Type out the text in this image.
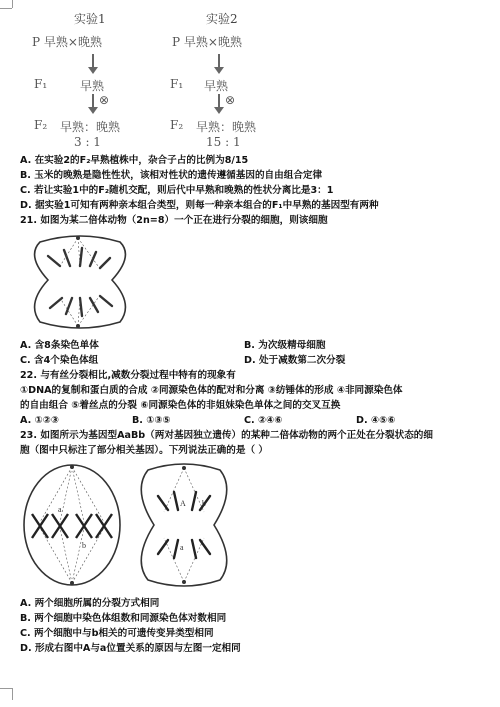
实验1
P 早熟×晚熟
F₁	早熟
F₂ 早熟：晚熟
3 : 1
⊗
实验2
P 早熟×晚熟
F₁ 早熟
F₂ 早熟：晚熟
15 : 1
⊗
A. 在实验2的F₂早熟植株中，杂合子占的比例为8/15
B. 玉米的晚熟是隐性性状，该相对性状的遗传遵循基因的自由组合定律
C. 若让实验1中的F₂随机交配，则后代中早熟和晚熟的性状分离比是3：1
D. 据实验1可知有两种亲本组合类型，则每一种亲本组合的F₁中早熟的基因型有两种
21. 如图为某二倍体动物（2n=8）一个正在进行分裂的细胞，则该细胞
A. 含8条染色单体	B. 为次级精母细胞
C. 含4个染色体组	D. 处于减数第二次分裂
22. 与有丝分裂相比,减数分裂过程中特有的现象有
①DNA的复制和蛋白质的合成 ②同源染色体的配对和分离 ③纺锤体的形成 ④非同源染色体
的自由组合 ⑤着丝点的分裂 ⑥同源染色体的非姐妹染色单体之间的交叉互换
A. ①②③	B. ①③⑤	C. ②④⑥	D. ④⑤⑥
23. 如图所示为基因型AaBb（两对基因独立遗传）的某种二倍体动物的两个正处在分裂状态的细
胞（图中只标注了部分相关基因）。下列说法正确的是（ ）
a
b
A b
a
A. 两个细胞所属的分裂方式相同
B. 两个细胞中染色体组数和同源染色体对数相同
C. 两个细胞中与b相关的可遗传变异类型相同
D. 形成右图中A与a位置关系的原因与左图一定相同
